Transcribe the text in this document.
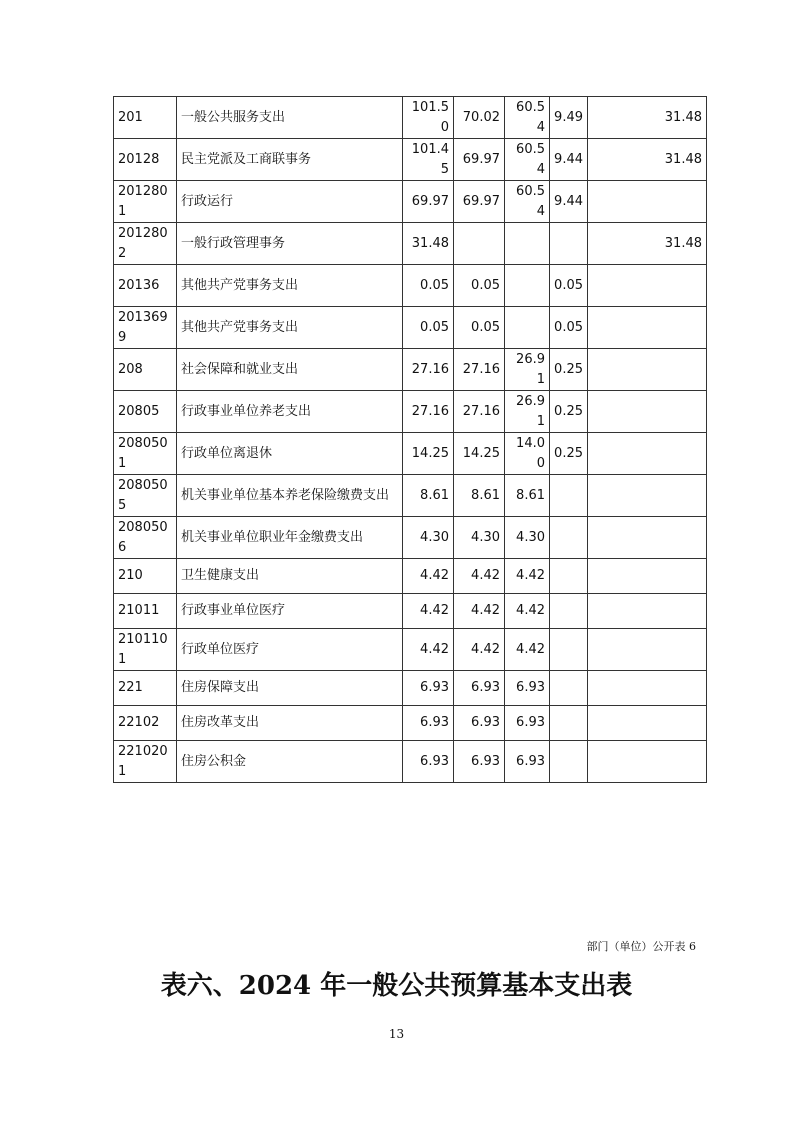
201	一般公共服务支出	101.50	70.02	60.54	9.49	31.48
20128	民主党派及工商联事务	101.45	69.97	60.54	9.44	31.48
2012801	行政运行	69.97	69.97	60.54	9.44	
2012802	一般行政管理事务	31.48				31.48
20136	其他共产党事务支出	0.05	0.05		0.05	
2013699	其他共产党事务支出	0.05	0.05		0.05	
208	社会保障和就业支出	27.16	27.16	26.91	0.25	
20805	行政事业单位养老支出	27.16	27.16	26.91	0.25	
2080501	行政单位离退休	14.25	14.25	14.00	0.25	
2080505	机关事业单位基本养老保险缴费支出	8.61	8.61	8.61		
2080506	机关事业单位职业年金缴费支出	4.30	4.30	4.30		
210	卫生健康支出	4.42	4.42	4.42		
21011	行政事业单位医疗	4.42	4.42	4.42		
2101101	行政单位医疗	4.42	4.42	4.42		
221	住房保障支出	6.93	6.93	6.93		
22102	住房改革支出	6.93	6.93	6.93		
2210201	住房公积金	6.93	6.93	6.93		
部门（单位）公开表 6
表六、2024 年一般公共预算基本支出表
13
